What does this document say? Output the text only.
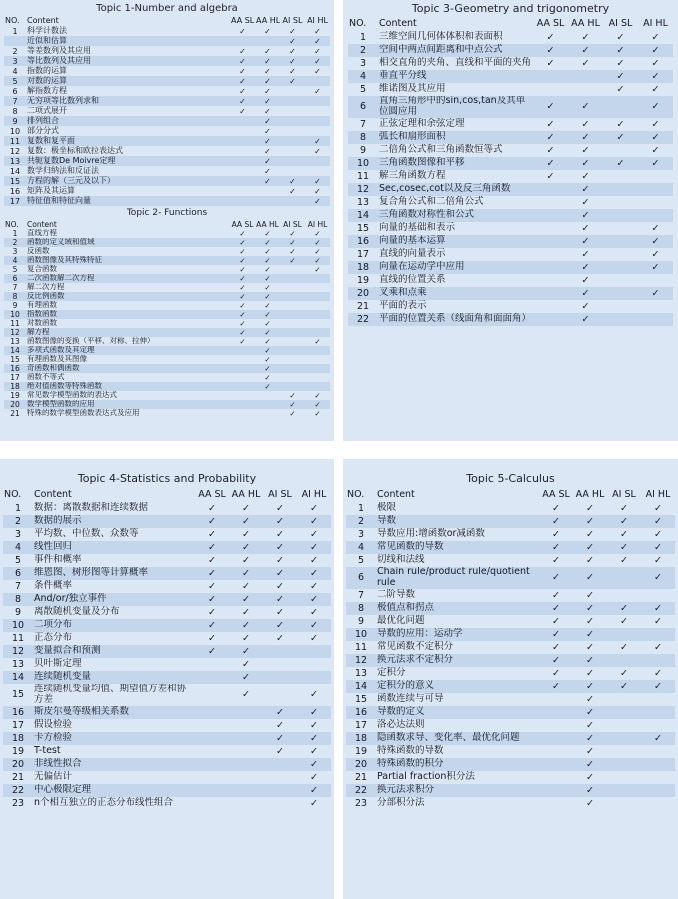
Topic 1-Number and algebra
NO.	Content	AA SL	AA HL	AI SL	AI HL
1	科学计数法	✓	✓	✓	✓
	近似和估算			✓	✓
2	等差数列及其应用	✓	✓	✓	✓
3	等比数列及其应用	✓	✓	✓	✓
4	指数的运算	✓	✓	✓	✓
5	对数的运算	✓	✓	✓	
6	解指数方程	✓	✓		✓
7	无穷项等比数列求和	✓	✓		
8	二项式展开	✓	✓		
9	排列组合		✓		
10	部分分式		✓		
11	复数和复平面		✓		✓
12	复数：极坐标和欧拉表达式		✓		✓
13	共轭复数De Moivre定理		✓		
14	数学归纳法和反证法		✓		
15	方程的解（三元及以下）		✓	✓	✓
16	矩阵及其运算			✓	✓
17	特征值和特征向量				✓
Topic 2- Functions
NO.	Content	AA SL	AA HL	AI SL	AI HL
1	直线方程	✓	✓	✓	✓
2	函数的定义域和值域	✓	✓	✓	✓
3	反函数	✓	✓	✓	✓
4	函数图像及其特殊特征	✓	✓	✓	✓
5	复合函数	✓	✓		✓
6	二次函数解二次方程	✓	✓		
7	解二次方程	✓	✓		
8	反比例函数	✓	✓		
9	有理函数	✓	✓		
10	指数函数	✓	✓		
11	对数函数	✓	✓		
12	解方程	✓	✓		
13	函数图像的变换（平移、对称、拉伸）	✓	✓		✓
14	多项式函数及其定理		✓		
15	有理函数及其图像		✓		
16	奇函数和偶函数		✓		
17	函数不等式		✓		
18	绝对值函数等特殊函数		✓		
19	常见数学模型函数的表达式			✓	✓
20	数学模型函数的应用			✓	✓
21	特殊的数学模型函数表达式及应用			✓	✓
Topic 3-Geometry and trigonometry
NO.	Content	AA SL	AA HL	AI SL	AI HL
1	三维空间几何体体积和表面积	✓	✓	✓	✓
2	空间中两点间距离和中点公式	✓	✓	✓	✓
3	相交直角的夹角、直线和平面的夹角	✓	✓	✓	✓
4	垂直平分线			✓	✓
5	维诺图及其应用			✓	✓
6	直角三角形中的sin,cos,tan及其单位圆应用	✓	✓		✓
7	正弦定理和余弦定理	✓	✓	✓	✓
8	弧长和扇形面积	✓	✓	✓	✓
9	二倍角公式和三角函数恒等式	✓	✓		✓
10	三角函数图像和平移	✓	✓	✓	✓
11	解三角函数方程	✓	✓		
12	Sec,cosec,cot以及反三角函数		✓		
13	复合角公式和二倍角公式		✓		
14	三角函数对称性和公式		✓		
15	向量的基础和表示		✓		✓
16	向量的基本运算		✓		✓
17	直线的向量表示		✓		✓
18	向量在运动学中应用		✓		✓
19	直线的位置关系		✓		
20	叉乘和点乘		✓		✓
21	平面的表示		✓		
22	平面的位置关系（线面角和面面角）		✓		
Topic 4-Statistics and Probability
NO.	Content	AA SL	AA HL	AI SL	AI HL
1	数据：离散数据和连续数据	✓	✓	✓	✓
2	数据的展示	✓	✓	✓	✓
3	平均数、中位数、众数等	✓	✓	✓	✓
4	线性回归	✓	✓	✓	✓
5	事件和概率	✓	✓	✓	✓
6	维恩图、树形图等计算概率	✓	✓	✓	✓
7	条件概率	✓	✓	✓	✓
8	And/or/独立事件	✓	✓	✓	✓
9	离散随机变量及分布	✓	✓	✓	✓
10	二项分布	✓	✓	✓	✓
11	正态分布	✓	✓	✓	✓
12	变量拟合和预测	✓	✓		
13	贝叶斯定理		✓		
14	连续随机变量		✓		
15	连续随机变量均值、期望值方差和协方差		✓		✓
16	斯皮尔曼等级相关系数			✓	✓
17	假设检验			✓	✓
18	卡方检验			✓	✓
19	T-test			✓	✓
20	非线性拟合				✓
21	无偏估计				✓
22	中心极限定理				✓
23	n个相互独立的正态分布线性组合				✓
Topic 5-Calculus
NO.	Content	AA SL	AA HL	AI SL	AI HL
1	极限	✓	✓	✓	✓
2	导数	✓	✓	✓	✓
3	导数应用:增函数or减函数	✓	✓	✓	✓
4	常见函数的导数	✓	✓	✓	✓
5	切线和法线	✓	✓	✓	✓
6	Chain rule/product rule/quotient rule	✓	✓		✓
7	二阶导数	✓	✓		
8	极值点和拐点	✓	✓	✓	✓
9	最优化问题	✓	✓	✓	✓
10	导数的应用：运动学	✓	✓		
11	常见函数不定积分	✓	✓	✓	✓
12	换元法求不定积分	✓	✓		
13	定积分	✓	✓	✓	✓
14	定积分的意义	✓	✓	✓	✓
15	函数连续与可导		✓		
16	导数的定义		✓		
17	洛必达法则		✓		
18	隐函数求导、变化率、最优化问题		✓		✓
19	特殊函数的导数		✓		
20	特殊函数的积分		✓		
21	Partial fraction积分法		✓		
22	换元法求积分		✓		
23	分部积分法		✓		
